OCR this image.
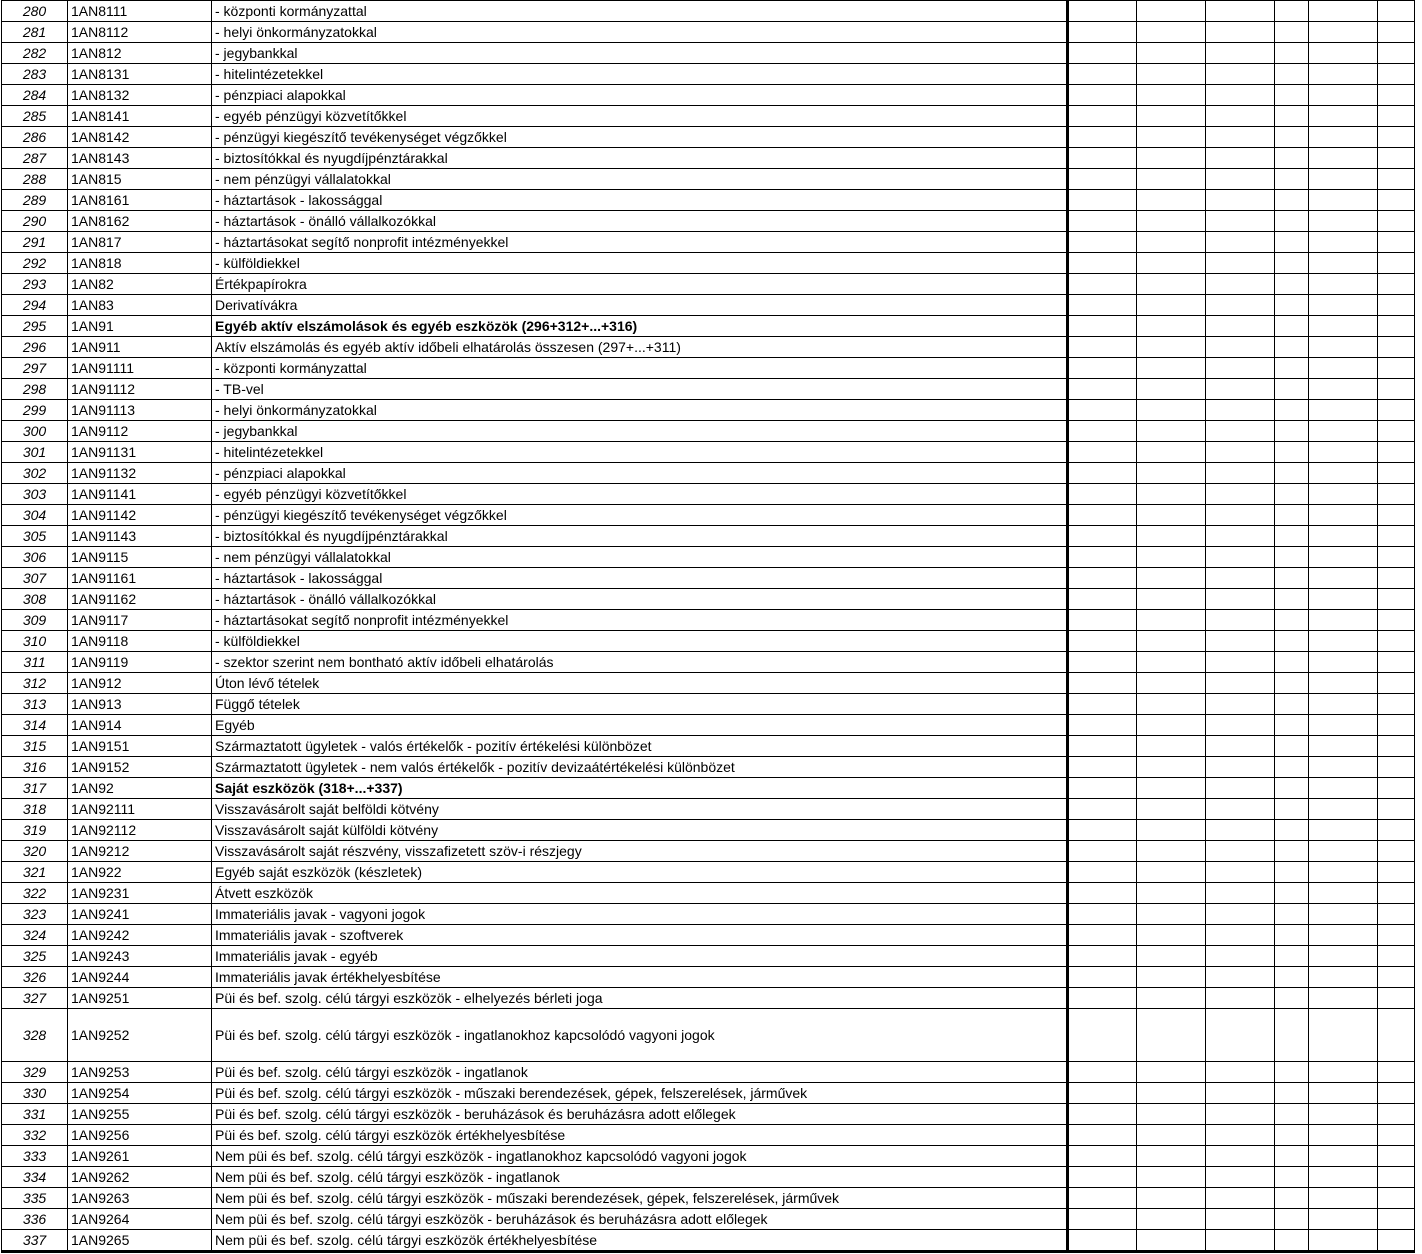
280	1AN8111	- központi kormányzattal						
281	1AN8112	- helyi önkormányzatokkal						
282	1AN812	- jegybankkal						
283	1AN8131	- hitelintézetekkel						
284	1AN8132	- pénzpiaci alapokkal						
285	1AN8141	- egyéb pénzügyi közvetítőkkel						
286	1AN8142	- pénzügyi kiegészítő tevékenységet végzőkkel						
287	1AN8143	- biztosítókkal és nyugdíjpénztárakkal						
288	1AN815	- nem pénzügyi vállalatokkal						
289	1AN8161	- háztartások - lakossággal						
290	1AN8162	- háztartások - önálló vállalkozókkal						
291	1AN817	- háztartásokat segítő nonprofit intézményekkel						
292	1AN818	- külföldiekkel						
293	1AN82	Értékpapírokra						
294	1AN83	Derivatívákra						
295	1AN91	Egyéb aktív elszámolások és egyéb eszközök (296+312+...+316)						
296	1AN911	Aktív elszámolás és egyéb aktív időbeli elhatárolás összesen (297+...+311)						
297	1AN91111	- központi kormányzattal						
298	1AN91112	- TB-vel						
299	1AN91113	- helyi önkormányzatokkal						
300	1AN9112	- jegybankkal						
301	1AN91131	- hitelintézetekkel						
302	1AN91132	- pénzpiaci alapokkal						
303	1AN91141	- egyéb pénzügyi közvetítőkkel						
304	1AN91142	- pénzügyi kiegészítő tevékenységet végzőkkel						
305	1AN91143	- biztosítókkal és nyugdíjpénztárakkal						
306	1AN9115	- nem pénzügyi vállalatokkal						
307	1AN91161	- háztartások - lakossággal						
308	1AN91162	- háztartások - önálló vállalkozókkal						
309	1AN9117	- háztartásokat segítő nonprofit intézményekkel						
310	1AN9118	- külföldiekkel						
311	1AN9119	- szektor szerint nem bontható aktív időbeli elhatárolás						
312	1AN912	Úton lévő tételek						
313	1AN913	Függő tételek						
314	1AN914	Egyéb						
315	1AN9151	Származtatott ügyletek - valós értékelők - pozitív értékelési különbözet						
316	1AN9152	Származtatott ügyletek - nem valós értékelők - pozitív devizaátértékelési különbözet						
317	1AN92	Saját eszközök (318+...+337)						
318	1AN92111	Visszavásárolt saját belföldi kötvény						
319	1AN92112	Visszavásárolt saját külföldi kötvény						
320	1AN9212	Visszavásárolt saját részvény, visszafizetett szöv-i részjegy						
321	1AN922	Egyéb saját eszközök (készletek)						
322	1AN9231	Átvett eszközök						
323	1AN9241	Immateriális javak - vagyoni jogok						
324	1AN9242	Immateriális javak - szoftverek						
325	1AN9243	Immateriális javak - egyéb						
326	1AN9244	Immateriális javak értékhelyesbítése						
327	1AN9251	Püi és bef. szolg. célú tárgyi eszközök - elhelyezés bérleti joga						
328	1AN9252	Püi és bef. szolg. célú tárgyi eszközök - ingatlanokhoz kapcsolódó vagyoni jogok						
329	1AN9253	Püi és bef. szolg. célú tárgyi eszközök - ingatlanok						
330	1AN9254	Püi és bef. szolg. célú tárgyi eszközök - műszaki berendezések, gépek, felszerelések, járművek						
331	1AN9255	Püi és bef. szolg. célú tárgyi eszközök - beruházások és beruházásra adott előlegek						
332	1AN9256	Püi és bef. szolg. célú tárgyi eszközök értékhelyesbítése						
333	1AN9261	Nem püi és bef. szolg. célú tárgyi eszközök - ingatlanokhoz kapcsolódó vagyoni jogok						
334	1AN9262	Nem püi és bef. szolg. célú tárgyi eszközök - ingatlanok						
335	1AN9263	Nem püi és bef. szolg. célú tárgyi eszközök - műszaki berendezések, gépek, felszerelések, járművek						
336	1AN9264	Nem püi és bef. szolg. célú tárgyi eszközök - beruházások és beruházásra adott előlegek						
337	1AN9265	Nem püi és bef. szolg. célú tárgyi eszközök értékhelyesbítése						
